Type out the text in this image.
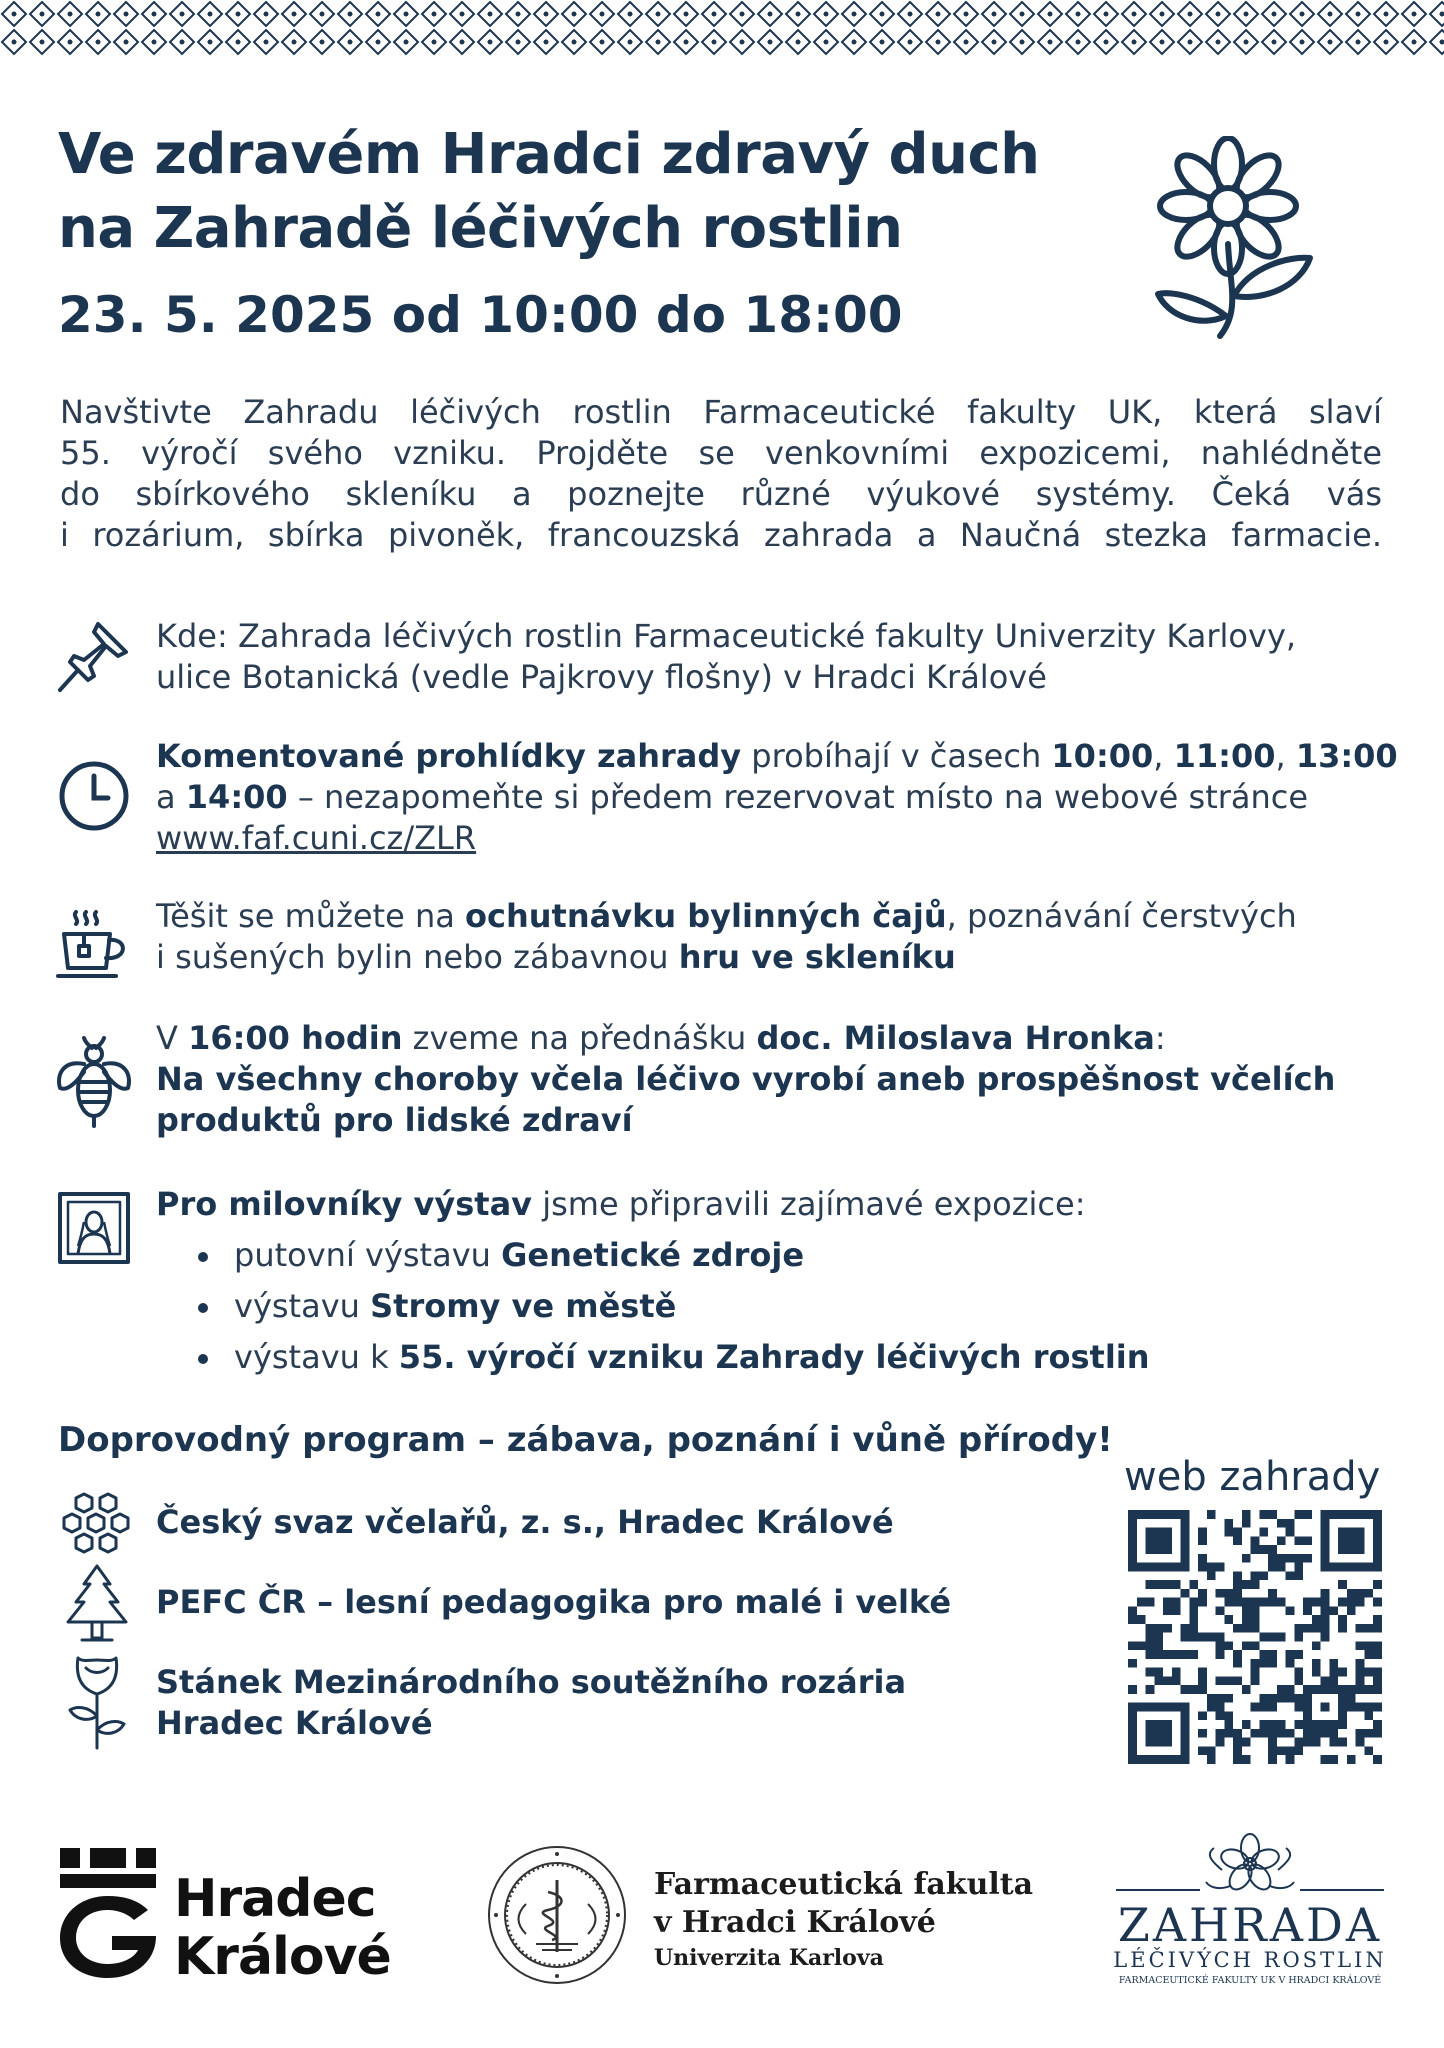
Ve zdravém Hradci zdravý duch
na Zahradě léčivých rostlin

23. 5. 2025 od 10:00 do 18:00

Navštivte Zahradu léčivých rostlin Farmaceutické fakulty UK, která slaví
55. výročí svého vzniku. Projděte se venkovními expozicemi, nahlédněte
do sbírkového skleníku a poznejte různé výukové systémy. Čeká vás
i rozárium, sbírka pivoněk, francouzská zahrada a Naučná stezka farmacie.

Kde: Zahrada léčivých rostlin Farmaceutické fakulty Univerzity Karlovy,
ulice Botanická (vedle Pajkrovy flošny) v Hradci Králové

Komentované prohlídky zahrady probíhají v časech 10:00, 11:00, 13:00
a 14:00 – nezapomeňte si předem rezervovat místo na webové stránce
www.faf.cuni.cz/ZLR

Těšit se můžete na ochutnávku bylinných čajů, poznávání čerstvých
i sušených bylin nebo zábavnou hru ve skleníku

V 16:00 hodin zveme na přednášku doc. Miloslava Hronka:
Na všechny choroby včela léčivo vyrobí aneb prospěšnost včelích
produktů pro lidské zdraví

Pro milovníky výstav jsme připravili zajímavé expozice:
putovní výstavu Genetické zdroje
výstavu Stromy ve městě
výstavu k 55. výročí vzniku Zahrady léčivých rostlin

Doprovodný program – zábava, poznání i vůně přírody!

Český svaz včelařů, z. s., Hradec Králové

PEFC ČR – lesní pedagogika pro malé i velké

Stánek Mezinárodního soutěžního rozária
Hradec Králové

web zahrady

Hradec
Králové

Farmaceutická fakulta
v Hradci Králové
Univerzita Karlova

ZAHRADA
LÉČIVÝCH ROSTLIN
FARMACEUTICKÉ FAKULTY UK V HRADCI KRÁLOVÉ
